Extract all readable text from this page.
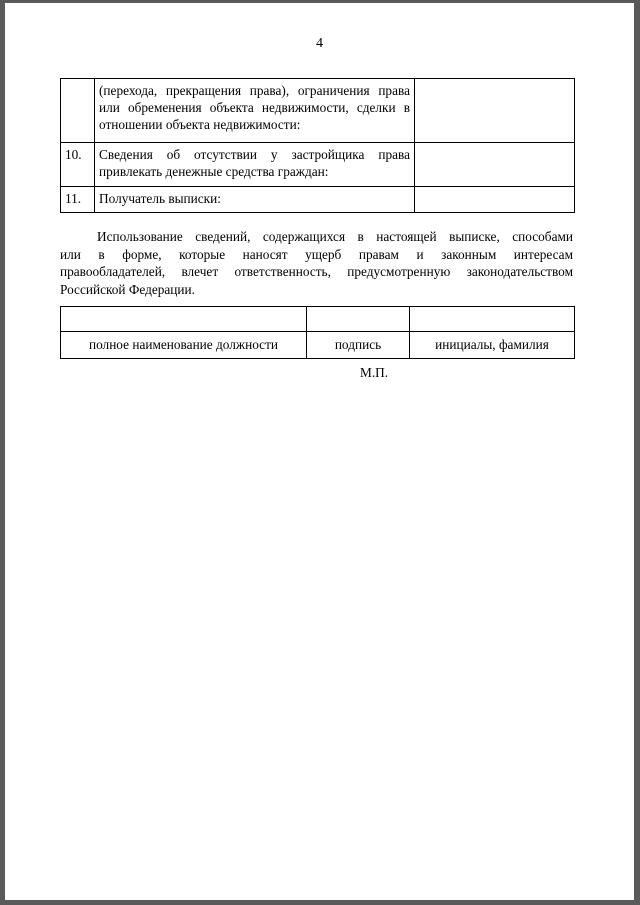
4

	(перехода, прекращения права), ограничения права
или обременения объекта недвижимости, сделки в
отношении объекта недвижимости:	

10.	Сведения об отсутствии у застройщика права
привлекать денежные средства граждан:	

11.	Получатель выписки:	

Использование сведений, содержащихся в настоящей выписке, способами
или в форме, которые наносят ущерб правам и законным интересам
правообладателей, влечет ответственность, предусмотренную законодательством
Российской Федерации.

полное наименование должности	подпись	инициалы, фамилия
М.П.
